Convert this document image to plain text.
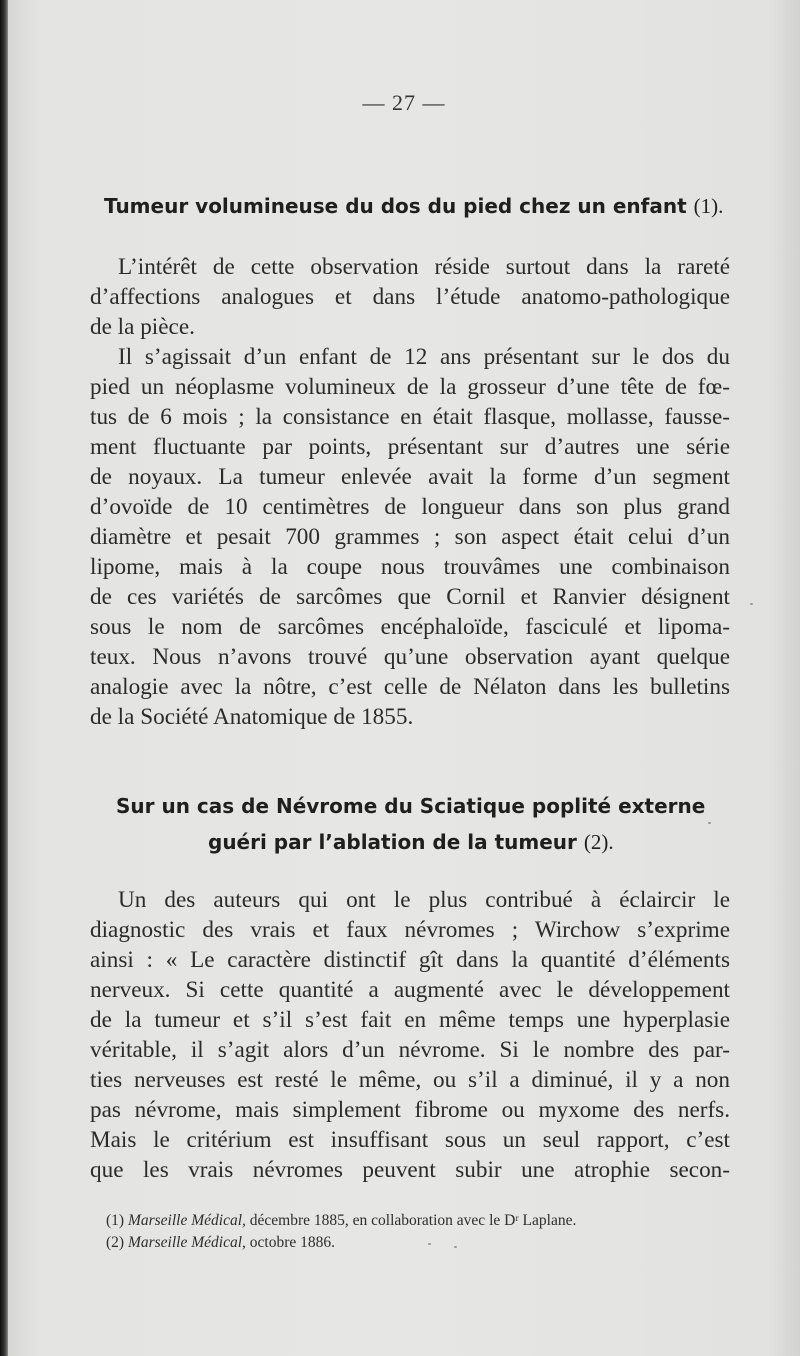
— 27 —
Tumeur volumineuse du dos du pied chez un enfant (1).
L’intérêt de cette observation réside surtout dans la rareté
d’affections analogues et dans l’étude anatomo-pathologique
de la pièce.
Il s’agissait d’un enfant de 12 ans présentant sur le dos du
pied un néoplasme volumineux de la grosseur d’une tête de fœ-
tus de 6 mois ; la consistance en était flasque, mollasse, fausse-
ment fluctuante par points, présentant sur d’autres une série
de noyaux. La tumeur enlevée avait la forme d’un segment
d’ovoïde de 10 centimètres de longueur dans son plus grand
diamètre et pesait 700 grammes ; son aspect était celui d’un
lipome, mais à la coupe nous trouvâmes une combinaison
de ces variétés de sarcômes que Cornil et Ranvier désignent
sous le nom de sarcômes encéphaloïde, fasciculé et lipoma-
teux. Nous n’avons trouvé qu’une observation ayant quelque
analogie avec la nôtre, c’est celle de Nélaton dans les bulletins
de la Société Anatomique de 1855.
Sur un cas de Névrome du Sciatique poplité externe
guéri par l’ablation de la tumeur (2).
Un des auteurs qui ont le plus contribué à éclaircir le
diagnostic des vrais et faux névromes ; Wirchow s’exprime
ainsi : « Le caractère distinctif gît dans la quantité d’éléments
nerveux. Si cette quantité a augmenté avec le développement
de la tumeur et s’il s’est fait en même temps une hyperplasie
véritable, il s’agit alors d’un névrome. Si le nombre des par-
ties nerveuses est resté le même, ou s’il a diminué, il y a non
pas névrome, mais simplement fibrome ou myxome des nerfs.
Mais le critérium est insuffisant sous un seul rapport, c’est
que les vrais névromes peuvent subir une atrophie secon-
(1) Marseille Médical, décembre 1885, en collaboration avec le Dʳ Laplane.
(2) Marseille Médical, octobre 1886.
